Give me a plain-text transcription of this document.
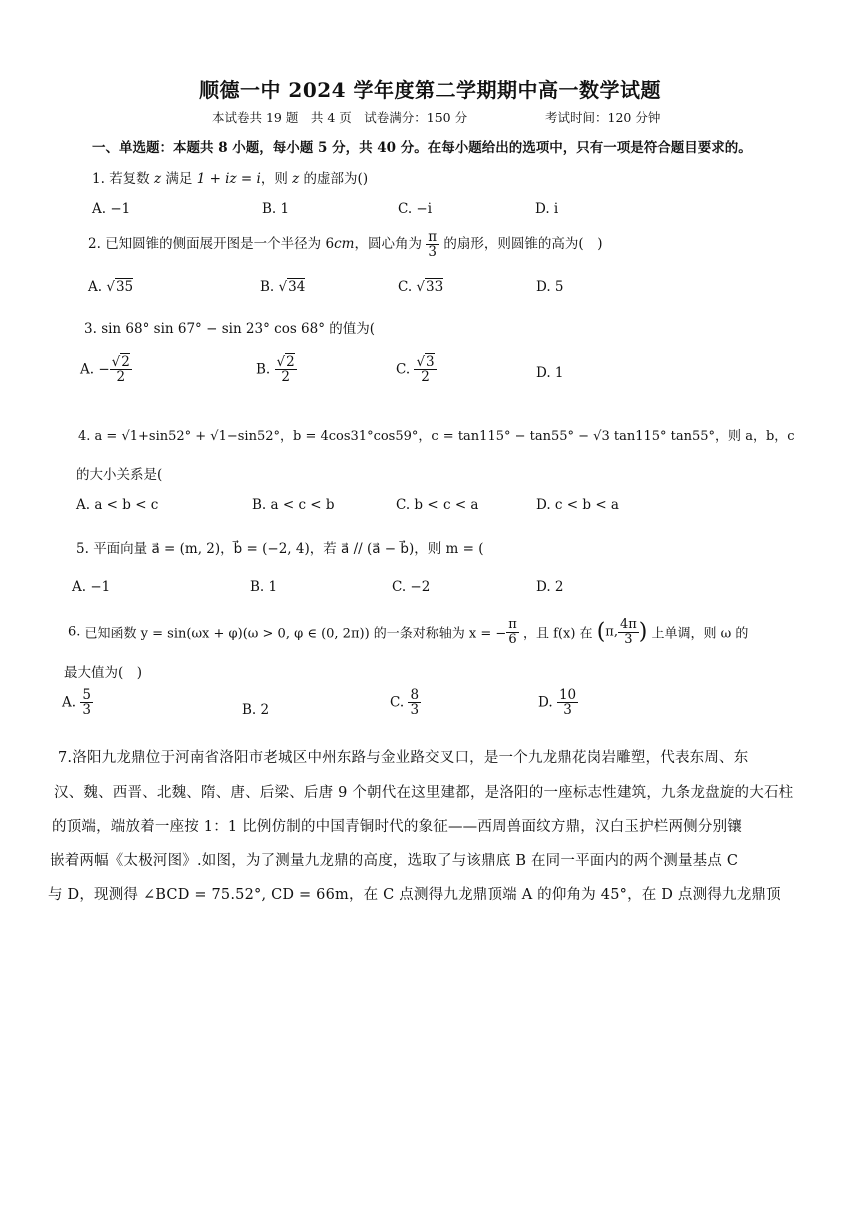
顺德一中 2024 学年度第二学期期中高一数学试题
本试卷共 19 题　共 4 页　试卷满分：150 分	考试时间：120 分钟
一、单选题：本题共 8 小题，每小题 5 分，共 40 分。在每小题给出的选项中，只有一项是符合题目要求的。
1. 若复数 z 满足 1 + iz = i，则 z 的虚部为()
A. −1	B. 1	C. −i	D. i
2. 已知圆锥的侧面展开图是一个半径为 6cm，圆心角为 $\frac{\pi}{3}$ 的扇形，则圆锥的高为(　)
A. √35	B. √34	C. √33	D. 5
3. sin 68° sin 67° − sin 23° cos 68° 的值为(
A. − $\frac{√2}{2}$	B. $\frac{√2}{2}$	C. $\frac{√3}{2}$	D. 1
4. a = √1+sin52° + √1−sin52°，b = 4cos31°cos59°，c = tan115° − tan55° − √3 tan115° tan55°，则 a，b，c
的大小关系是(
A. a < b < c	B. a < c < b	C. b < c < a	D. c < b < a
5. 平面向量 a⃗ = (m, 2)，b⃗ = (−2, 4)，若 a⃗ // (a⃗ − b⃗)，则 m = (
A. −1	B. 1	C. −2	D. 2
6. 已知函数 y = sin(ωx + φ)(ω > 0, φ ∈ (0, 2π)) 的一条对称轴为 x = − $\frac{\pi}{6}$ ，且 f(x) 在 (π, $\frac{4\pi}{3}$ ) 上单调，则 ω 的
最大值为(　)
A. $\frac{5}{3}$	B. 2	C. $\frac{8}{3}$	D. $\frac{10}{3}$
7.洛阳九龙鼎位于河南省洛阳市老城区中州东路与金业路交叉口，是一个九龙鼎花岗岩雕塑，代表东周、东
汉、魏、西晋、北魏、隋、唐、后梁、后唐 9 个朝代在这里建都，是洛阳的一座标志性建筑，九条龙盘旋的大石柱
的顶端，端放着一座按 1：1 比例仿制的中国青铜时代的象征——西周兽面纹方鼎，汉白玉护栏两侧分别镶
嵌着两幅《太极河图》.如图，为了测量九龙鼎的高度，选取了与该鼎底 B 在同一平面内的两个测量基点 C
与 D，现测得 ∠BCD = 75.52°, CD = 66m，在 C 点测得九龙鼎顶端 A 的仰角为 45°，在 D 点测得九龙鼎顶
